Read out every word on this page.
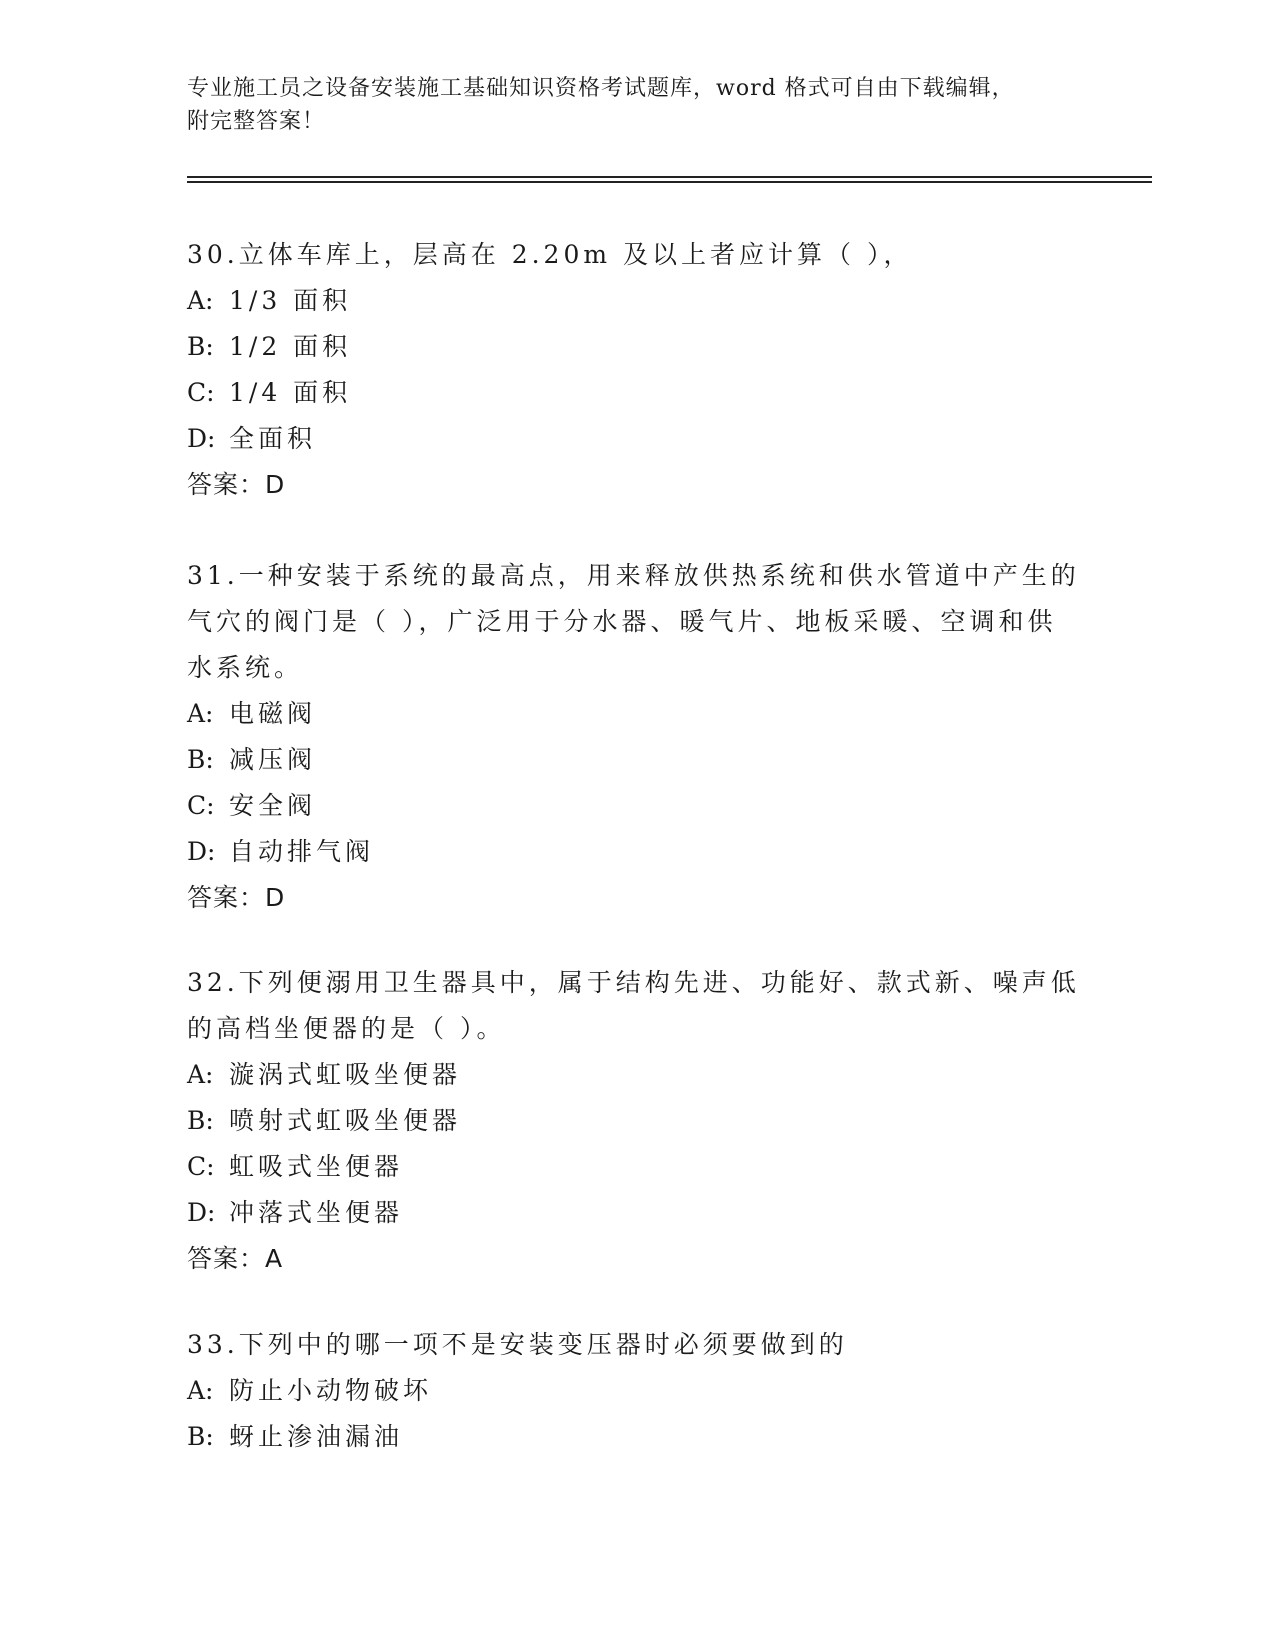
专业施工员之设备安装施工基础知识资格考试题库，word 格式可自由下载编辑，
附完整答案！
30.立体车库上，层高在 2.20m 及以上者应计算（ ），
A: 1/3 面积
B: 1/2 面积
C: 1/4 面积
D: 全面积
答案：D
31.一种安装于系统的最高点，用来释放供热系统和供水管道中产生的
气穴的阀门是（ ），广泛用于分水器、暖气片、地板采暖、空调和供
水系统。
A: 电磁阀
B: 减压阀
C: 安全阀
D: 自动排气阀
答案：D
32.下列便溺用卫生器具中，属于结构先进、功能好、款式新、噪声低
的高档坐便器的是（ ）。
A: 漩涡式虹吸坐便器
B: 喷射式虹吸坐便器
C: 虹吸式坐便器
D: 冲落式坐便器
答案：A
33.下列中的哪一项不是安装变压器时必须要做到的
A: 防止小动物破坏
B: 蚜止渗油漏油
